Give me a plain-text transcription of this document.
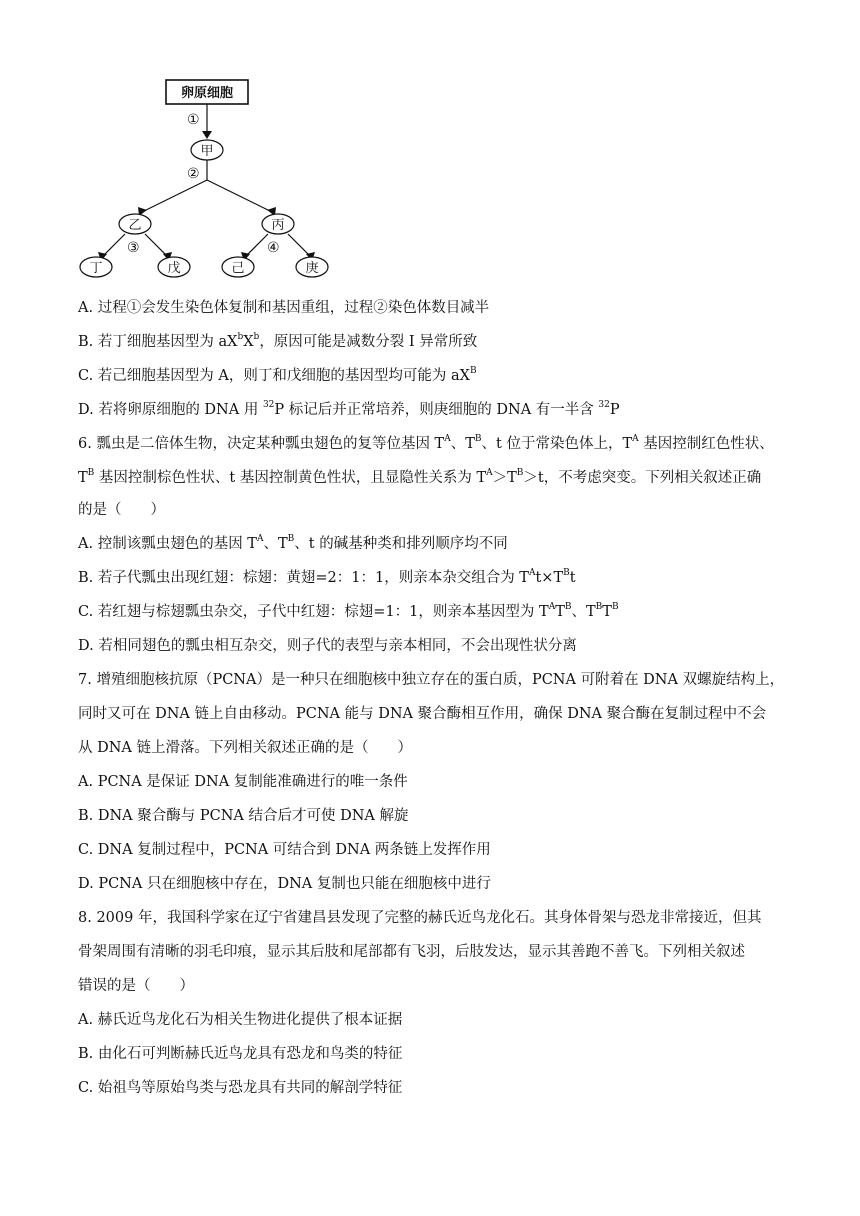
卵原细胞
①
甲
②
乙	丙
③	④
丁	戊	己	庚
A. 过程①会发生染色体复制和基因重组，过程②染色体数目减半
B. 若丁细胞基因型为 $aX^bX^b$，原因可能是减数分裂 I 异常所致
C. 若己细胞基因型为 A，则丁和戊细胞的基因型均可能为 $aX^B$
D. 若将卵原细胞的 DNA 用 $^{32}$P 标记后并正常培养，则庚细胞的 DNA 有一半含 $^{32}$P
6. 瓢虫是二倍体生物，决定某种瓢虫翅色的复等位基因 $T^A$、$T^B$、t 位于常染色体上，$T^A$ 基因控制红色性状、
$T^B$ 基因控制棕色性状、t 基因控制黄色性状，且显隐性关系为 $T^A>T^B>t$，不考虑突变。下列相关叙述正确
的是（　　）
A. 控制该瓢虫翅色的基因 $T^A$、$T^B$、t 的碱基种类和排列顺序均不同
B. 若子代瓢虫出现红翅：棕翅：黄翅=2：1：1，则亲本杂交组合为 $T^At\times T^Bt$
C. 若红翅与棕翅瓢虫杂交，子代中红翅：棕翅=1：1，则亲本基因型为 $T^AT^B$、$T^BT^B$
D. 若相同翅色的瓢虫相互杂交，则子代的表型与亲本相同，不会出现性状分离
7. 增殖细胞核抗原（PCNA）是一种只在细胞核中独立存在的蛋白质，PCNA 可附着在 DNA 双螺旋结构上，
同时又可在 DNA 链上自由移动。PCNA 能与 DNA 聚合酶相互作用，确保 DNA 聚合酶在复制过程中不会
从 DNA 链上滑落。下列相关叙述正确的是（　　）
A. PCNA 是保证 DNA 复制能准确进行的唯一条件
B. DNA 聚合酶与 PCNA 结合后才可使 DNA 解旋
C. DNA 复制过程中，PCNA 可结合到 DNA 两条链上发挥作用
D. PCNA 只在细胞核中存在，DNA 复制也只能在细胞核中进行
8. 2009 年，我国科学家在辽宁省建昌县发现了完整的赫氏近鸟龙化石。其身体骨架与恐龙非常接近，但其
骨架周围有清晰的羽毛印痕，显示其后肢和尾部都有飞羽，后肢发达，显示其善跑不善飞。下列相关叙述
错误的是（　　）
A. 赫氏近鸟龙化石为相关生物进化提供了根本证据
B. 由化石可判断赫氏近鸟龙具有恐龙和鸟类的特征
C. 始祖鸟等原始鸟类与恐龙具有共同的解剖学特征
